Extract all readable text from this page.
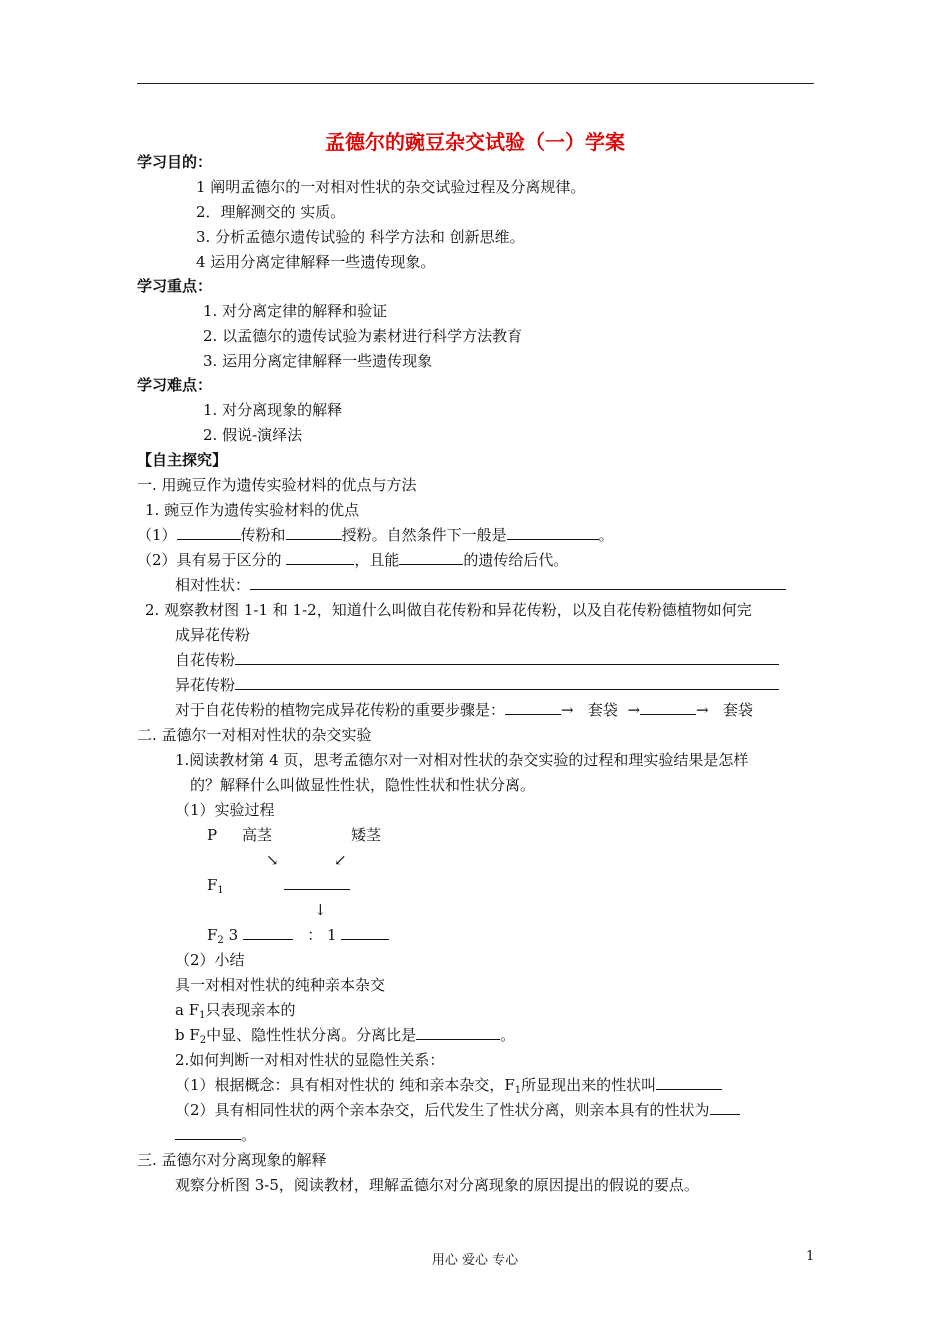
孟德尔的豌豆杂交试验（一）学案
学习目的：
1 阐明孟德尔的一对相对性状的杂交试验过程及分离规律。
2．理解测交的 实质。
3. 分析孟德尔遗传试验的 科学方法和 创新思维。
4 运用分离定律解释一些遗传现象。
学习重点：
1. 对分离定律的解释和验证
2. 以孟德尔的遗传试验为素材进行科学方法教育
3. 运用分离定律解释一些遗传现象
学习难点：
1. 对分离现象的解释
2. 假说-演绎法
【自主探究】
一. 用豌豆作为遗传实验材料的优点与方法
1. 豌豆作为遗传实验材料的优点
（1）	传粉和	授粉。自然条件下一般是	。
（2）具有易于区分的	，且能	的遗传给后代。
相对性状：
2. 观察教材图 1-1 和 1-2，知道什么叫做自花传粉和异花传粉，以及自花传粉德植物如何完
成异花传粉
自花传粉
异花传粉
对于自花传粉的植物完成异花传粉的重要步骤是：	→ 套袋 →	→ 套袋
二. 孟德尔一对相对性状的杂交实验
1.阅读教材第 4 页，思考孟德尔对一对相对性状的杂交实验的过程和理实验结果是怎样
的？解释什么叫做显性性状，隐性性状和性状分离。
（1）实验过程
P 高茎	矮茎
↘	↙
$F_1$
↓
$F_2$ 3	： 1
（2）小结
具一对相对性状的纯种亲本杂交
a $F_1$只表现亲本的
b $F_2$中显、隐性性状分离。分离比是	。
2.如何判断一对相对性状的显隐性关系：
（1）根据概念：具有相对性状的 纯和亲本杂交，$F_1$所显现出来的性状叫
（2）具有相同性状的两个亲本杂交，后代发生了性状分离，则亲本具有的性状为
。
三. 孟德尔对分离现象的解释
观察分析图 3-5，阅读教材，理解孟德尔对分离现象的原因提出的假说的要点。
用心 爱心 专心	1
